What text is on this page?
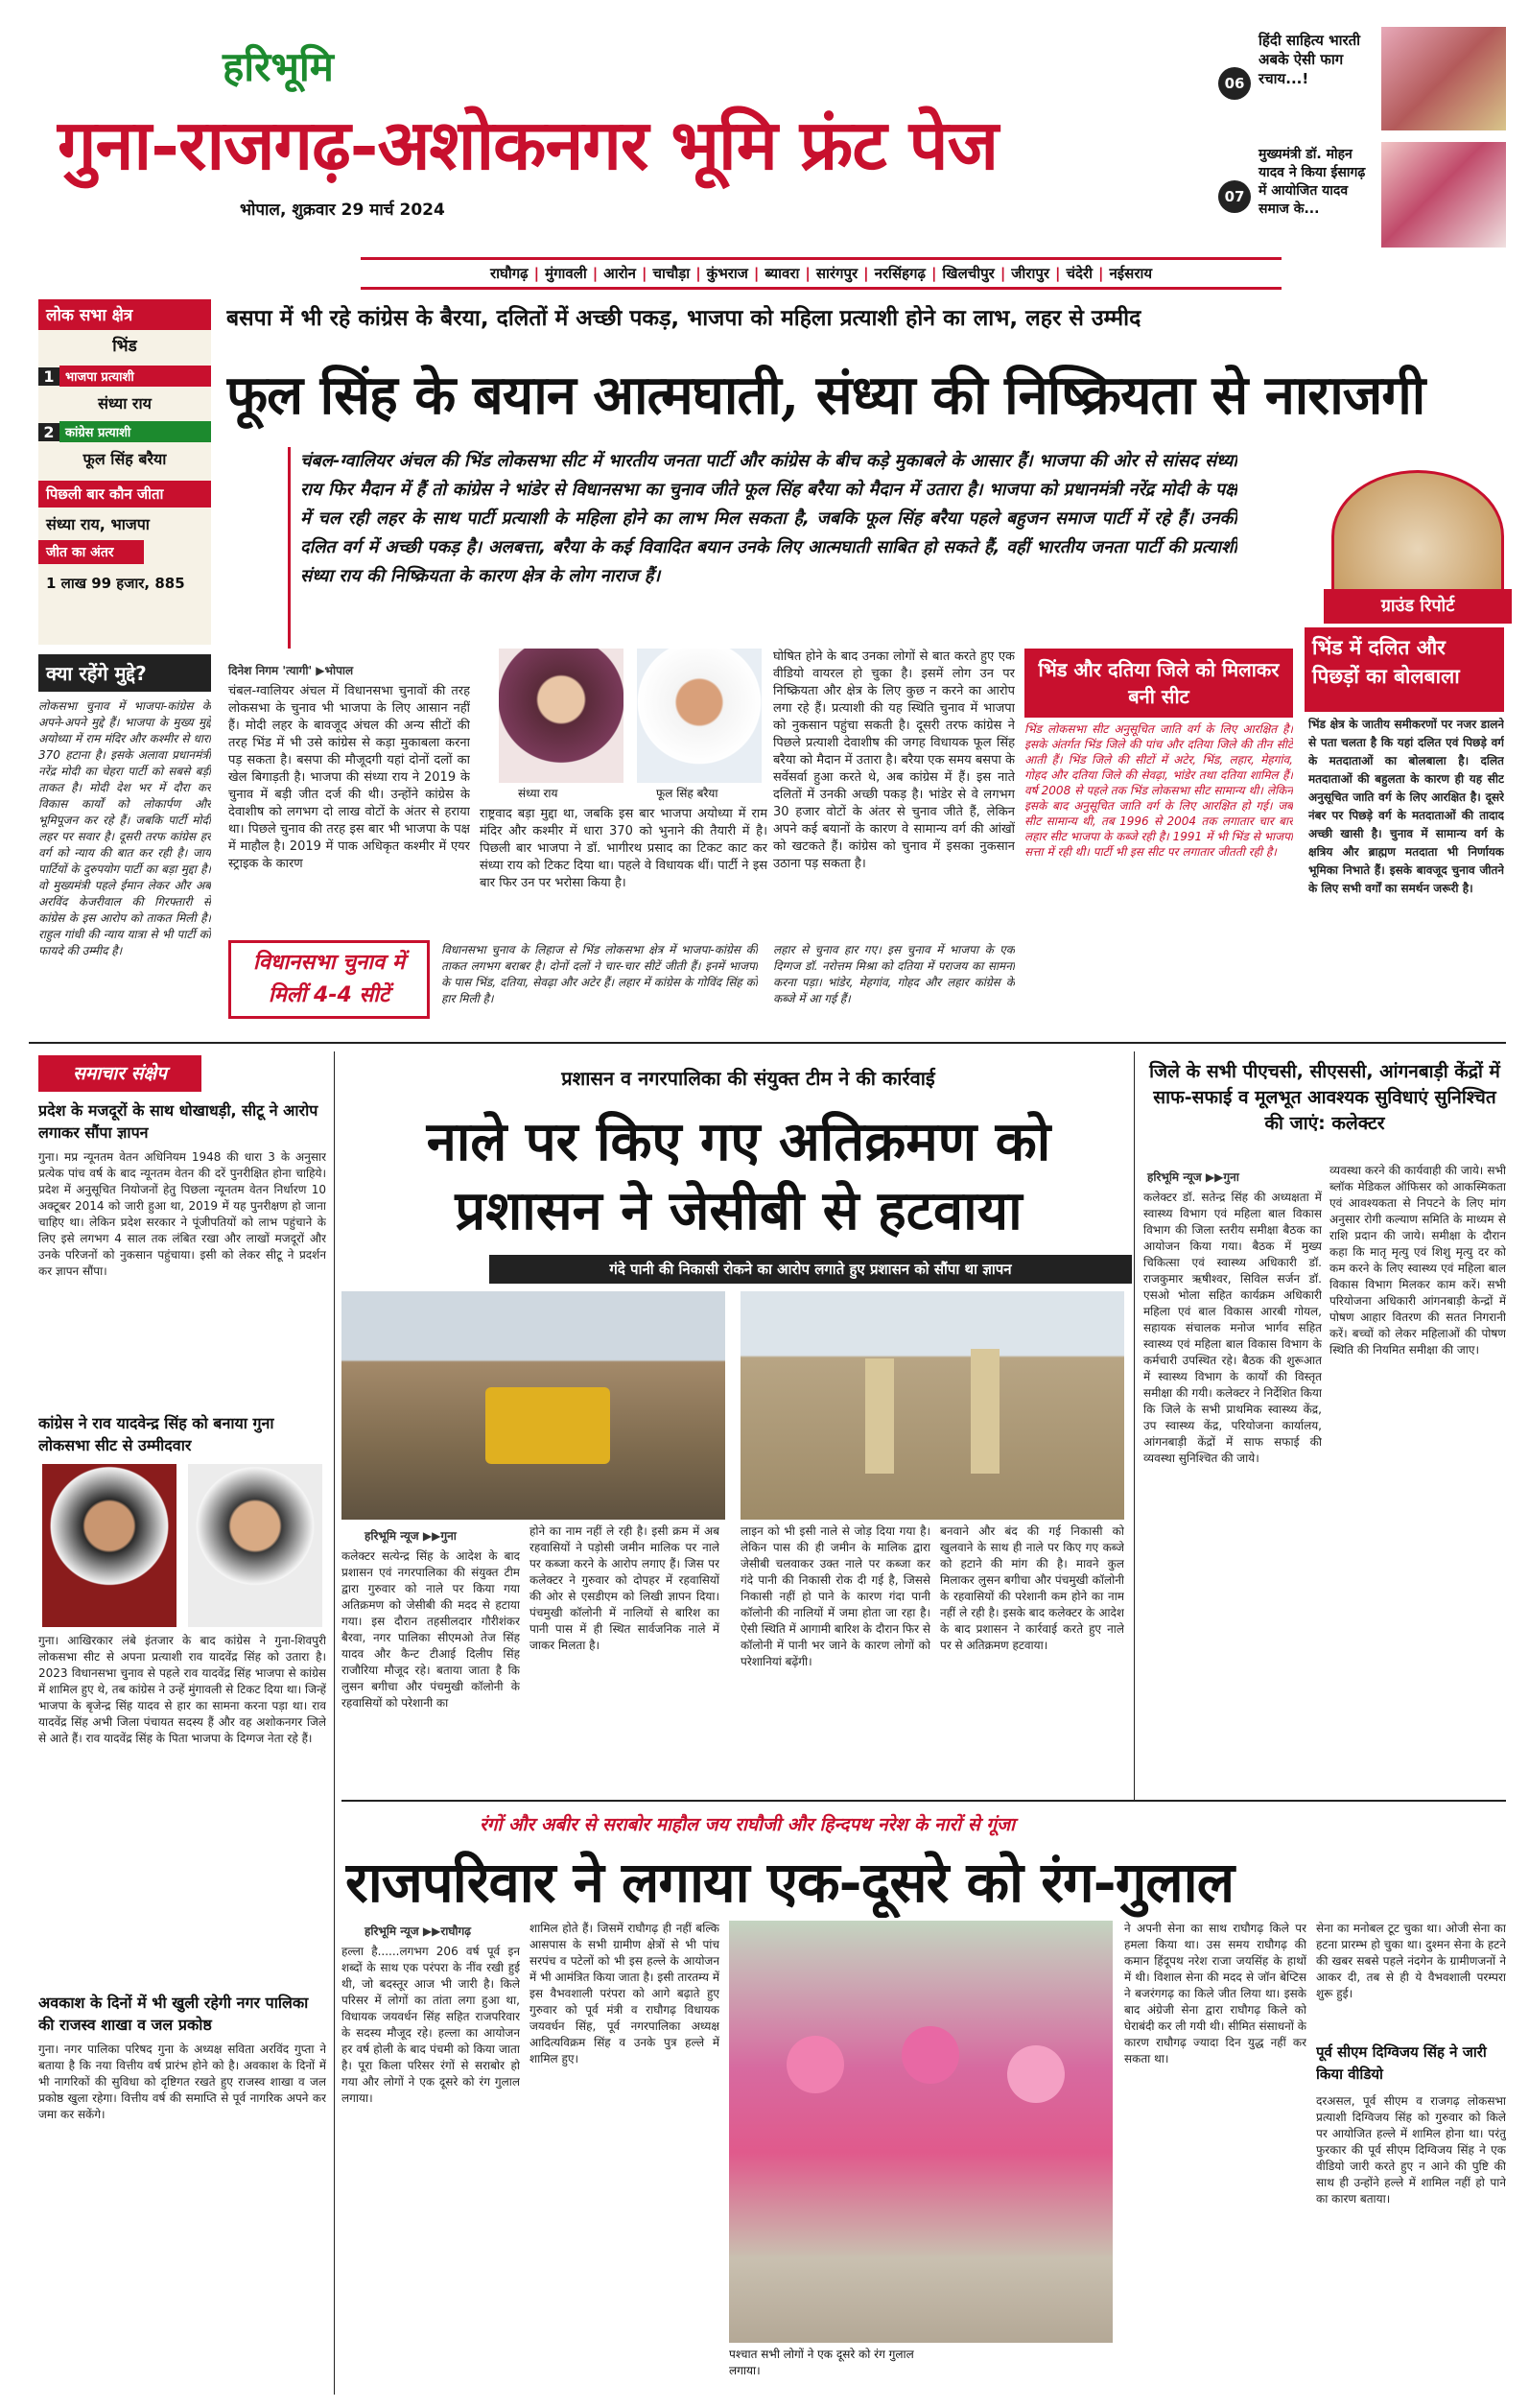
हरिभूमि
गुना-राजगढ़-अशोकनगर भूमि फ्रंट पेज
भोपाल, शुक्रवार 29 मार्च 2024
06
हिंदी साहित्य भारती अबके ऐसी फाग रचाय...!
07
मुख्यमंत्री डॉ. मोहन यादव ने किया ईसागढ़ में आयोजित यादव समाज के...
राघौगढ़ | मुंगावली | आरोन | चाचौड़ा | कुंभराज | ब्यावरा | सारंगपुर | नरसिंहगढ़ | खिलचीपुर | जीरापुर | चंदेरी | नईसराय
लोक सभा क्षेत्र
भिंड
1 भाजपा प्रत्याशी
संध्या राय
2 कांग्रेस प्रत्याशी
फूल सिंह बरैया
पिछली बार कौन जीता
संध्या राय, भाजपा
जीत का अंतर
1 लाख 99 हजार, 885
क्या रहेंगे मुद्दे?
लोकसभा चुनाव में भाजपा-कांग्रेस के अपने-अपने मुद्दे हैं। भाजपा के मुख्य मुद्दे अयोध्या में राम मंदिर और कश्मीर से धारा 370 हटाना है। इसके अलावा प्रधानमंत्री नरेंद्र मोदी का चेहरा पार्टी को सबसे बड़ी ताकत है। मोदी देश भर में दौरा कर विकास कार्यों को लोकार्पण और भूमिपूजन कर रहे हैं। जबकि पार्टी मोदी लहर पर सवार है। दूसरी तरफ कांग्रेस हर वर्ग को न्याय की बात कर रही है। जाय पार्टियों के दुरुपयोग पार्टी का बड़ा मुद्दा है। वो मुख्यमंत्री पहले ईमान लेकर और अब अरविंद केजरीवाल की गिरफ्तारी से कांग्रेस के इस आरोप को ताकत मिली है। राहुल गांधी की न्याय यात्रा से भी पार्टी को फायदे की उम्मीद है।
बसपा में भी रहे कांग्रेस के बैरया, दलितों में अच्छी पकड़, भाजपा को महिला प्रत्याशी होने का लाभ, लहर से उम्मीद
फूल सिंह के बयान आत्मघाती, संध्या की निष्क्रियता से नाराजगी
चंबल-ग्वालियर अंचल की भिंड लोकसभा सीट में भारतीय जनता पार्टी और कांग्रेस के बीच कड़े मुकाबले के आसार हैं। भाजपा की ओर से सांसद संध्या राय फिर मैदान में हैं तो कांग्रेस ने भांडेर से विधानसभा का चुनाव जीते फूल सिंह बरैया को मैदान में उतारा है। भाजपा को प्रधानमंत्री नरेंद्र मोदी के पक्ष में चल रही लहर के साथ पार्टी प्रत्याशी के महिला होने का लाभ मिल सकता है, जबकि फूल सिंह बरैया पहले बहुजन समाज पार्टी में रहे हैं। उनकी दलित वर्ग में अच्छी पकड़ है। अलबत्ता, बरैया के कई विवादित बयान उनके लिए आत्मघाती साबित हो सकते हैं, वहीं भारतीय जनता पार्टी की प्रत्याशी संध्या राय की निष्क्रियता के कारण क्षेत्र के लोग नाराज हैं।
ग्राउंड रिपोर्ट
भिंड में दलित और पिछड़ों का बोलबाला
भिंड क्षेत्र के जातीय समीकरणों पर नजर डालने से पता चलता है कि यहां दलित एवं पिछड़े वर्ग के मतदाताओं का बोलबाला है। दलित मतदाताओं की बहुलता के कारण ही यह सीट अनुसूचित जाति वर्ग के लिए आरक्षित है। दूसरे नंबर पर पिछड़े वर्ग के मतदाताओं की तादाद अच्छी खासी है। चुनाव में सामान्य वर्ग के क्षत्रिय और ब्राह्मण मतदाता भी निर्णायक भूमिका निभाते हैं। इसके बावजूद चुनाव जीतने के लिए सभी वर्गों का समर्थन जरूरी है।
दिनेश निगम 'त्यागी' ▶भोपाल
चंबल-ग्वालियर अंचल में विधानसभा चुनावों की तरह लोकसभा के चुनाव भी भाजपा के लिए आसान नहीं हैं। मोदी लहर के बावजूद अंचल की अन्य सीटों की तरह भिंड में भी उसे कांग्रेस से कड़ा मुकाबला करना पड़ सकता है। बसपा की मौजूदगी यहां दोनों दलों का खेल बिगाड़ती है। भाजपा की संध्या राय ने 2019 के चुनाव में बड़ी जीत दर्ज की थी। उन्होंने कांग्रेस के देवाशीष को लगभग दो लाख वोटों के अंतर से हराया था। पिछले चुनाव की तरह इस बार भी भाजपा के पक्ष में माहौल है। 2019 में पाक अधिकृत कश्मीर में एयर स्ट्राइक के कारण
संध्या राय	फूल सिंह बरैया
राष्ट्रवाद बड़ा मुद्दा था, जबकि इस बार भाजपा अयोध्या में राम मंदिर और कश्मीर में धारा 370 को भुनाने की तैयारी में है। पिछली बार भाजपा ने डॉ. भागीरथ प्रसाद का टिकट काट कर संध्या राय को टिकट दिया था। पहले वे विधायक थीं। पार्टी ने इस बार फिर उन पर भरोसा किया है।
घोषित होने के बाद उनका लोगों से बात करते हुए एक वीडियो वायरल हो चुका है। इसमें लोग उन पर निष्क्रियता और क्षेत्र के लिए कुछ न करने का आरोप लगा रहे हैं। प्रत्याशी की यह स्थिति चुनाव में भाजपा को नुकसान पहुंचा सकती है। दूसरी तरफ कांग्रेस ने पिछले प्रत्याशी देवाशीष की जगह विधायक फूल सिंह बरैया को मैदान में उतारा है। बरैया एक समय बसपा के सर्वेसर्वा हुआ करते थे, अब कांग्रेस में हैं। इस नाते दलितों में उनकी अच्छी पकड़ है। भांडेर से वे लगभग 30 हजार वोटों के अंतर से चुनाव जीते हैं, लेकिन अपने कई बयानों के कारण वे सामान्य वर्ग की आंखों को खटकते हैं। कांग्रेस को चुनाव में इसका नुकसान उठाना पड़ सकता है।
भिंड और दतिया जिले को मिलाकर बनी सीट
भिंड लोकसभा सीट अनुसूचित जाति वर्ग के लिए आरक्षित है। इसके अंतर्गत भिंड जिले की पांच और दतिया जिले की तीन सीटें आती हैं। भिंड जिले की सीटों में अटेर, भिंड, लहार, मेहगांव, गोहद और दतिया जिले की सेवढ़ा, भांडेर तथा दतिया शामिल हैं। वर्ष 2008 से पहले तक भिंड लोकसभा सीट सामान्य थी। लेकिन इसके बाद अनुसूचित जाति वर्ग के लिए आरक्षित हो गई। जब सीट सामान्य थी, तब 1996 से 2004 तक लगातार चार बार लहार सीट भाजपा के कब्जे रही है। 1991 में भी भिंड से भाजपा सत्ता में रही थी। पार्टी भी इस सीट पर लगातार जीतती रही है।
विधानसभा चुनाव में मिलीं 4-4 सीटें
विधानसभा चुनाव के लिहाज से भिंड लोकसभा क्षेत्र में भाजपा-कांग्रेस की ताकत लगभग बराबर है। दोनों दलों ने चार-चार सीटें जीती हैं। इनमें भाजपा के पास भिंड, दतिया, सेवढ़ा और अटेर हैं। लहार में कांग्रेस के गोविंद सिंह को हार मिली है।
लहार से चुनाव हार गए। इस चुनाव में भाजपा के एक दिग्गज डॉ. नरोत्तम मिश्रा को दतिया में पराजय का सामना करना पड़ा। भांडेर, मेहगांव, गोहद और लहार कांग्रेस के कब्जे में आ गई हैं।
समाचार संक्षेप
प्रदेश के मजदूरों के साथ धोखाधड़ी, सीटू ने आरोप लगाकर सौंपा ज्ञापन
गुना। मप्र न्यूनतम वेतन अधिनियम 1948 की धारा 3 के अनुसार प्रत्येक पांच वर्ष के बाद न्यूनतम वेतन की दरें पुनरीक्षित होना चाहिये। प्रदेश में अनुसूचित नियोजनों हेतु पिछला न्यूनतम वेतन निर्धारण 10 अक्टूबर 2014 को जारी हुआ था, 2019 में यह पुनरीक्षण हो जाना चाहिए था। लेकिन प्रदेश सरकार ने पूंजीपतियों को लाभ पहुंचाने के लिए इसे लगभग 4 साल तक लंबित रखा और लाखों मजदूरों और उनके परिजनों को नुकसान पहुंचाया। इसी को लेकर सीटू ने प्रदर्शन कर ज्ञापन सौंपा।
कांग्रेस ने राव यादवेन्द्र सिंह को बनाया गुना लोकसभा सीट से उम्मीदवार
गुना। आखिरकार लंबे इंतजार के बाद कांग्रेस ने गुना-शिवपुरी लोकसभा सीट से अपना प्रत्याशी राव यादवेंद्र सिंह को उतारा है। 2023 विधानसभा चुनाव से पहले राव यादवेंद्र सिंह भाजपा से कांग्रेस में शामिल हुए थे, तब कांग्रेस ने उन्हें मुंगावली से टिकट दिया था। जिन्हें भाजपा के बृजेन्द्र सिंह यादव से हार का सामना करना पड़ा था। राव यादवेंद्र सिंह अभी जिला पंचायत सदस्य हैं और वह अशोकनगर जिले से आते हैं। राव यादवेंद्र सिंह के पिता भाजपा के दिग्गज नेता रहे हैं।
अवकाश के दिनों में भी खुली रहेगी नगर पालिका की राजस्व शाखा व जल प्रकोष्ठ
गुना। नगर पालिका परिषद गुना के अध्यक्ष सविता अरविंद गुप्ता ने बताया है कि नया वित्तीय वर्ष प्रारंभ होने को है। अवकाश के दिनों में भी नागरिकों की सुविधा को दृष्टिगत रखते हुए राजस्व शाखा व जल प्रकोष्ठ खुला रहेगा। वित्तीय वर्ष की समाप्ति से पूर्व नागरिक अपने कर जमा कर सकेंगे।
प्रशासन व नगरपालिका की संयुक्त टीम ने की कार्रवाई
नाले पर किए गए अतिक्रमण को
प्रशासन ने जेसीबी से हटवाया
गंदे पानी की निकासी रोकने का आरोप लगाते हुए प्रशासन को सौंपा था ज्ञापन
हरिभूमि न्यूज ▶▶गुना
कलेक्टर सत्येन्द्र सिंह के आदेश के बाद प्रशासन एवं नगरपालिका की संयुक्त टीम द्वारा गुरुवार को नाले पर किया गया अतिक्रमण को जेसीबी की मदद से हटाया गया। इस दौरान तहसीलदार गौरीशंकर बैरवा, नगर पालिका सीएमओ तेज सिंह यादव और कैन्ट टीआई दिलीप सिंह राजौरिया मौजूद रहे। बताया जाता है कि लुसन बगीचा और पंचमुखी कॉलोनी के रहवासियों को परेशानी का
होने का नाम नहीं ले रही है। इसी क्रम में अब रहवासियों ने पड़ोसी जमीन मालिक पर नाले पर कब्जा करने के आरोप लगाए हैं। जिस पर कलेक्टर ने गुरुवार को दोपहर में रहवासियों की ओर से एसडीएम को लिखी ज्ञापन दिया। पंचमुखी कॉलोनी में नालियों से बारिश का पानी पास में ही स्थित सार्वजनिक नाले में जाकर मिलता है।
लाइन को भी इसी नाले से जोड़ दिया गया है। लेकिन पास की ही जमीन के मालिक द्वारा जेसीबी चलवाकर उक्त नाले पर कब्जा कर गंदे पानी की निकासी रोक दी गई है, जिससे निकासी नहीं हो पाने के कारण गंदा पानी कॉलोनी की नालियों में जमा होता जा रहा है। ऐसी स्थिति में आगामी बारिश के दौरान फिर से कॉलोनी में पानी भर जाने के कारण लोगों को परेशानियां बढ़ेंगी।
बनवाने और बंद की गई निकासी को खुलवाने के साथ ही नाले पर किए गए कब्जे को हटाने की मांग की है। मावने कुल मिलाकर लुसन बगीचा और पंचमुखी कॉलोनी के रहवासियों की परेशानी कम होने का नाम नहीं ले रही है। इसके बाद कलेक्टर के आदेश के बाद प्रशासन ने कार्रवाई करते हुए नाले पर से अतिक्रमण हटवाया।
जिले के सभी पीएचसी, सीएससी, आंगनबाड़ी केंद्रों में साफ-सफाई व मूलभूत आवश्यक सुविधाएं सुनिश्चित की जाएं: कलेक्टर
हरिभूमि न्यूज ▶▶गुना
कलेक्टर डॉ. सतेन्द्र सिंह की अध्यक्षता में स्वास्थ्य विभाग एवं महिला बाल विकास विभाग की जिला स्तरीय समीक्षा बैठक का आयोजन किया गया। बैठक में मुख्य चिकित्सा एवं स्वास्थ्य अधिकारी डॉ. राजकुमार ऋषीश्वर, सिविल सर्जन डॉ. एसओ भोला सहित कार्यक्रम अधिकारी महिला एवं बाल विकास आरबी गोयल, सहायक संचालक मनोज भार्गव सहित स्वास्थ्य एवं महिला बाल विकास विभाग के कर्मचारी उपस्थित रहे। बैठक की शुरूआत में स्वास्थ्य विभाग के कार्यों की विस्तृत समीक्षा की गयी। कलेक्टर ने निर्देशित किया कि जिले के सभी प्राथमिक स्वास्थ्य केंद्र, उप स्वास्थ्य केंद्र, परियोजना कार्यालय, आंगनबाड़ी केंद्रों में साफ सफाई की व्यवस्था सुनिश्चित की जाये।
व्यवस्था करने की कार्यवाही की जाये। सभी ब्लॉक मेडिकल ऑफिसर को आकस्मिकता एवं आवश्यकता से निपटने के लिए मांग अनुसार रोगी कल्याण समिति के माध्यम से राशि प्रदान की जाये। समीक्षा के दौरान कहा कि मातृ मृत्यु एवं शिशु मृत्यु दर को कम करने के लिए स्वास्थ्य एवं महिला बाल विकास विभाग मिलकर काम करें। सभी परियोजना अधिकारी आंगनबाड़ी केन्द्रों में पोषण आहार वितरण की सतत निगरानी करें। बच्चों को लेकर महिलाओं की पोषण स्थिति की नियमित समीक्षा की जाए।
रंगों और अबीर से सराबोर माहौल जय राघौजी और हिन्दपथ नरेश के नारों से गूंजा
राजपरिवार ने लगाया एक-दूसरे को रंग-गुलाल
हरिभूमि न्यूज ▶▶राघौगढ़
हल्ला है......लगभग 206 वर्ष पूर्व इन शब्दों के साथ एक परंपरा के नींव रखी हुई थी, जो बदस्तूर आज भी जारी है। किले परिसर में लोगों का तांता लगा हुआ था, विधायक जयवर्धन सिंह सहित राजपरिवार के सदस्य मौजूद रहे। हल्ला का आयोजन हर वर्ष होली के बाद पंचमी को किया जाता है। पूरा किला परिसर रंगों से सराबोर हो गया और लोगों ने एक दूसरे को रंग गुलाल लगाया।
शामिल होते हैं। जिसमें राघौगढ़ ही नहीं बल्कि आसपास के सभी ग्रामीण क्षेत्रों से भी पांच सरपंच व पटेलों को भी इस हल्ले के आयोजन में भी आमंत्रित किया जाता है। इसी तारतम्य में इस वैभवशाली परंपरा को आगे बढ़ाते हुए गुरुवार को पूर्व मंत्री व राघौगढ़ विधायक जयवर्धन सिंह, पूर्व नगरपालिका अध्यक्ष आदित्यविक्रम सिंह व उनके पुत्र हल्ले में शामिल हुए।
पश्चात सभी लोगों ने एक दूसरे को रंग गुलाल लगाया।
ने अपनी सेना का साथ राघौगढ़ किले पर हमला किया था। उस समय राघौगढ़ की कमान हिंदूपथ नरेश राजा जयसिंह के हाथों में थी। विशाल सेना की मदद से जॉन बेप्टिस ने बजरंगगढ़ का किले जीत लिया था। इसके बाद अंग्रेजी सेना द्वारा राघौगढ़ किले को घेराबंदी कर ली गयी थी। सीमित संसाधनों के कारण राघौगढ़ ज्यादा दिन युद्ध नहीं कर सकता था।
सेना का मनोबल टूट चुका था। ओजी सेना का हटना प्रारम्भ हो चुका था। दुश्मन सेना के हटने की खबर सबसे पहले नंदगेन के ग्रामीणजनों ने आकर दी, तब से ही ये वैभवशाली परम्परा शुरू हुई।
पूर्व सीएम दिग्विजय सिंह ने जारी किया वीडियो
दरअसल, पूर्व सीएम व राजगढ़ लोकसभा प्रत्याशी दिग्विजय सिंह को गुरुवार को किले पर आयोजित हल्ले में शामिल होना था। परंतु फुरकार की पूर्व सीएम दिग्विजय सिंह ने एक वीडियो जारी करते हुए न आने की पुष्टि की साथ ही उन्होंने हल्ले में शामिल नहीं हो पाने का कारण बताया।
